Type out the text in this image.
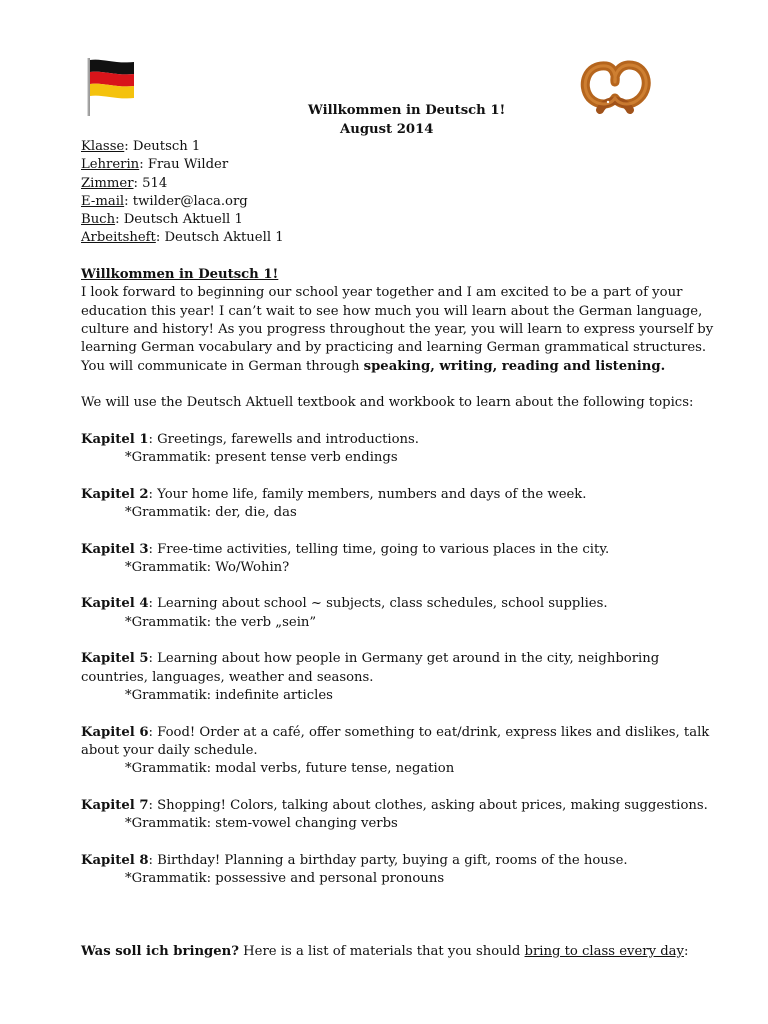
Willkommen in Deutsch 1!
August 2014
Klasse: Deutsch 1
Lehrerin: Frau Wilder
Zimmer: 514
E-mail: twilder@laca.org
Buch: Deutsch Aktuell 1
Arbeitsheft: Deutsch Aktuell 1
Willkommen in Deutsch 1!
I look forward to beginning our school year together and I am excited to be a part of your
education this year! I can’t wait to see how much you will learn about the German language,
culture and history! As you progress throughout the year, you will learn to express yourself by
learning German vocabulary and by practicing and learning German grammatical structures.
You will communicate in German through speaking, writing, reading and listening.
We will use the Deutsch Aktuell textbook and workbook to learn about the following topics:
Kapitel 1: Greetings, farewells and introductions.
*Grammatik: present tense verb endings
Kapitel 2: Your home life, family members, numbers and days of the week.
*Grammatik: der, die, das
Kapitel 3: Free-time activities, telling time, going to various places in the city.
*Grammatik: Wo/Wohin?
Kapitel 4: Learning about school ~ subjects, class schedules, school supplies.
*Grammatik: the verb „sein”
Kapitel 5: Learning about how people in Germany get around in the city, neighboring
countries, languages, weather and seasons.
*Grammatik: indefinite articles
Kapitel 6: Food! Order at a café, offer something to eat/drink, express likes and dislikes, talk
about your daily schedule.
*Grammatik: modal verbs, future tense, negation
Kapitel 7: Shopping! Colors, talking about clothes, asking about prices, making suggestions.
*Grammatik: stem-vowel changing verbs
Kapitel 8: Birthday! Planning a birthday party, buying a gift, rooms of the house.
*Grammatik: possessive and personal pronouns
Was soll ich bringen? Here is a list of materials that you should bring to class every day:
